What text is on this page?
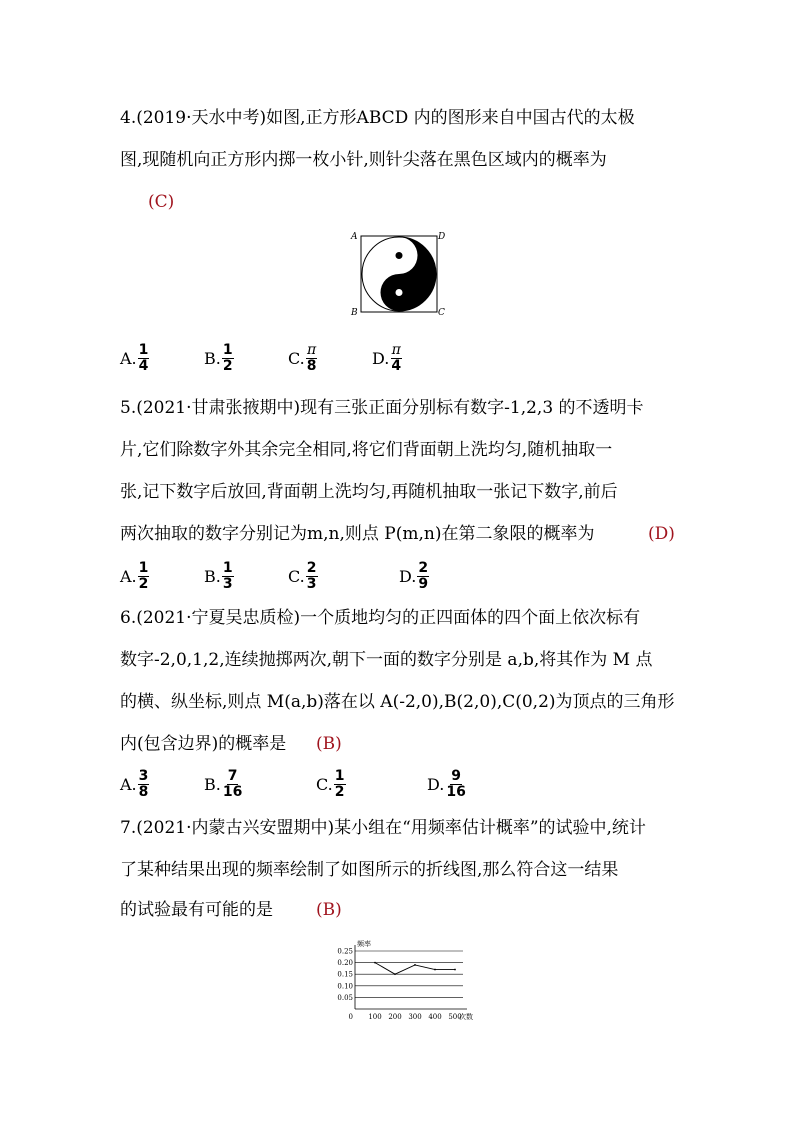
4.(2019·天水中考)如图,正方形ABCD 内的图形来自中国古代的太极
图,现随机向正方形内掷一枚小针,则针尖落在黑色区域内的概率为
(C)
A	D
B	C
A. $\frac{1}{4}$	B. $\frac{1}{2}$	C. $\frac{\pi}{8}$	D. $\frac{\pi}{4}$
5.(2021·甘肃张掖期中)现有三张正面分别标有数字-1,2,3 的不透明卡
片,它们除数字外其余完全相同,将它们背面朝上洗均匀,随机抽取一
张,记下数字后放回,背面朝上洗均匀,再随机抽取一张记下数字,前后
两次抽取的数字分别记为m,n,则点 P(m,n)在第二象限的概率为	(D)
A. $\frac{1}{2}$	B. $\frac{1}{3}$	C. $\frac{2}{3}$	D. $\frac{2}{9}$
6.(2021·宁夏吴忠质检)一个质地均匀的正四面体的四个面上依次标有
数字-2,0,1,2,连续抛掷两次,朝下一面的数字分别是 a,b,将其作为 M 点
的横、纵坐标,则点 M(a,b)落在以 A(-2,0),B(2,0),C(0,2)为顶点的三角形
内(包含边界)的概率是	(B)
A. $\frac{3}{8}$	B. $\frac{7}{16}$	C. $\frac{1}{2}$	D. $\frac{9}{16}$
7.(2021·内蒙古兴安盟期中)某小组在“用频率估计概率”的试验中,统计
了某种结果出现的频率绘制了如图所示的折线图,那么符合这一结果
的试验最有可能的是	(B)
0.05
0.10
0.15
0.20
0.25
频率
次数
0 100 200 300 400 500
